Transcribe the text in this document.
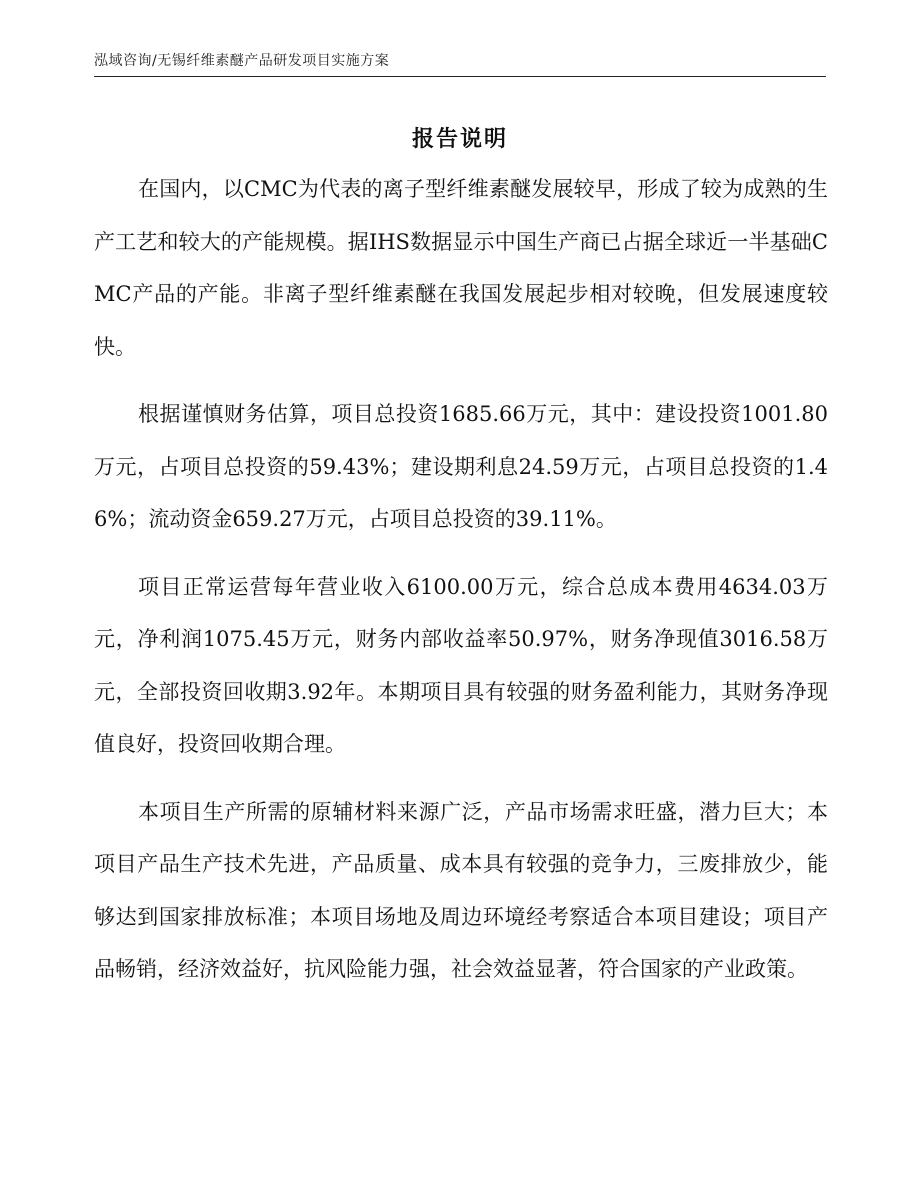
泓域咨询/无锡纤维素醚产品研发项目实施方案
报告说明

在国内，以CMC为代表的离子型纤维素醚发展较早，形成了较为成熟的生产工艺和较大的产能规模。据IHS数据显示中国生产商已占据全球近一半基础CMC产品的产能。非离子型纤维素醚在我国发展起步相对较晚，但发展速度较快。

根据谨慎财务估算，项目总投资1685.66万元，其中：建设投资1001.80万元，占项目总投资的59.43%；建设期利息24.59万元，占项目总投资的1.46%；流动资金659.27万元，占项目总投资的39.11%。

项目正常运营每年营业收入6100.00万元，综合总成本费用4634.03万元，净利润1075.45万元，财务内部收益率50.97%，财务净现值3016.58万元，全部投资回收期3.92年。本期项目具有较强的财务盈利能力，其财务净现值良好，投资回收期合理。

本项目生产所需的原辅材料来源广泛，产品市场需求旺盛，潜力巨大；本项目产品生产技术先进，产品质量、成本具有较强的竞争力，三废排放少，能够达到国家排放标准；本项目场地及周边环境经考察适合本项目建设；项目产品畅销，经济效益好，抗风险能力强，社会效益显著，符合国家的产业政策。
